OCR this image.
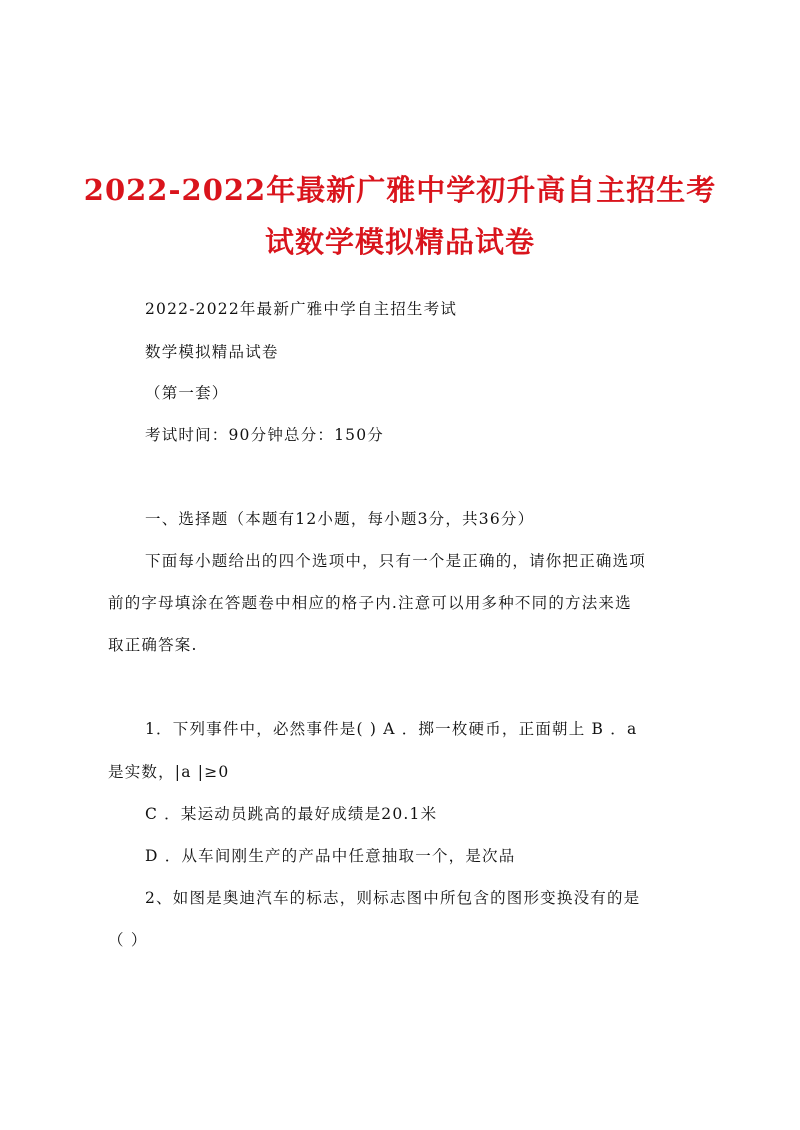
2022-2022年最新广雅中学初升高自主招生考
试数学模拟精品试卷

2022-2022年最新广雅中学自主招生考试

数学模拟精品试卷

（第一套）

考试时间：90分钟总分：150分

一、选择题（本题有12小题，每小题3分，共36分）

下面每小题给出的四个选项中，只有一个是正确的，请你把正确选项

前的字母填涂在答题卷中相应的格子内.注意可以用多种不同的方法来选

取正确答案.

1．下列事件中，必然事件是( ) A ．掷一枚硬币，正面朝上 B ．a

是实数，|a |≥0

C ．某运动员跳高的最好成绩是20.1米

D ．从车间刚生产的产品中任意抽取一个，是次品

2、如图是奥迪汽车的标志，则标志图中所包含的图形变换没有的是

（ ）
